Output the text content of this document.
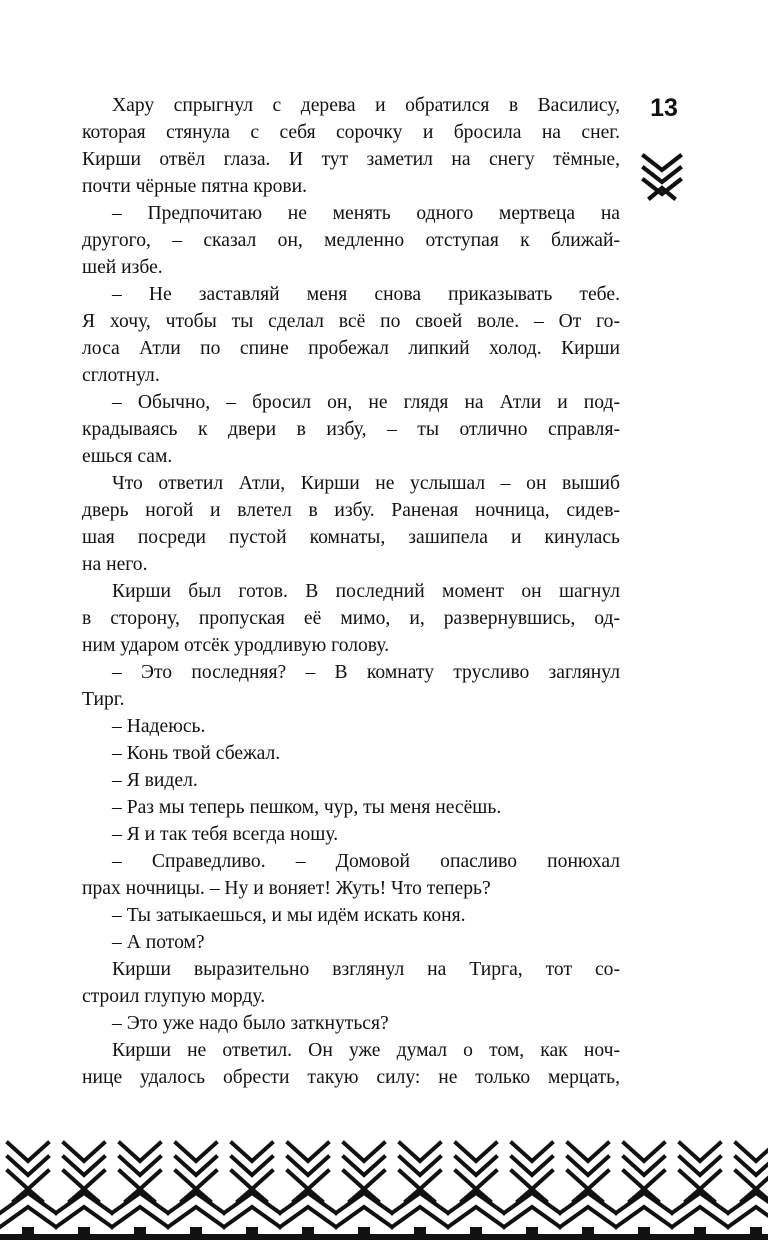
13
Хару спрыгнул с дерева и обратился в Василису,
которая стянула с себя сорочку и бросила на снег.
Кирши отвёл глаза. И тут заметил на снегу тёмные,
почти чёрные пятна крови.
– Предпочитаю не менять одного мертвеца на
другого, – сказал он, медленно отступая к ближай-
шей избе.
– Не заставляй меня снова приказывать тебе.
Я хочу, чтобы ты сделал всё по своей воле. – От го-
лоса Атли по спине пробежал липкий холод. Кирши
сглотнул.
– Обычно, – бросил он, не глядя на Атли и под-
крадываясь к двери в избу, – ты отлично справля-
ешься сам.
Что ответил Атли, Кирши не услышал – он вышиб
дверь ногой и влетел в избу. Раненая ночница, сидев-
шая посреди пустой комнаты, зашипела и кинулась
на него.
Кирши был готов. В последний момент он шагнул
в сторону, пропуская её мимо, и, развернувшись, од-
ним ударом отсёк уродливую голову.
– Это последняя? – В комнату трусливо заглянул
Тирг.
– Надеюсь.
– Конь твой сбежал.
– Я видел.
– Раз мы теперь пешком, чур, ты меня несёшь.
– Я и так тебя всегда ношу.
– Справедливо. – Домовой опасливо понюхал
прах ночницы. – Ну и воняет! Жуть! Что теперь?
– Ты затыкаешься, и мы идём искать коня.
– А потом?
Кирши выразительно взглянул на Тирга, тот со-
строил глупую морду.
– Это уже надо было заткнуться?
Кирши не ответил. Он уже думал о том, как ноч-
нице удалось обрести такую силу: не только мерцать,
